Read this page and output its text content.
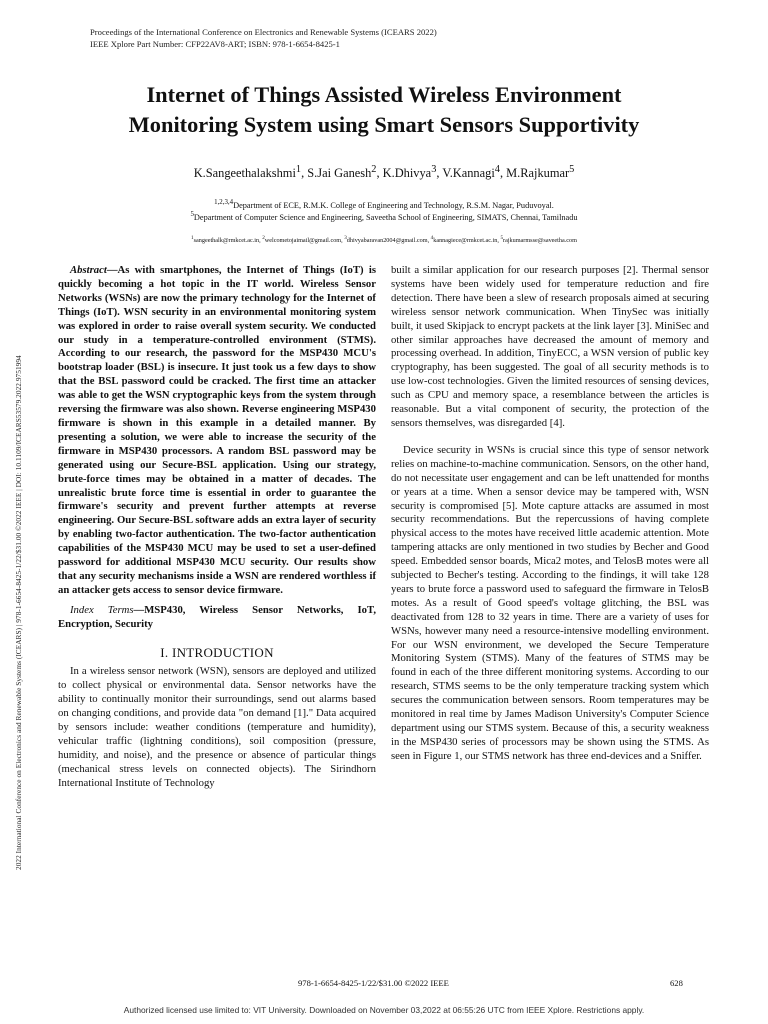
Proceedings of the International Conference on Electronics and Renewable Systems (ICEARS 2022)
IEEE Xplore Part Number: CFP22AV8-ART; ISBN: 978-1-6654-8425-1
2022 International Conference on Electronics and Renewable Systems (ICEARS) | 978-1-6654-8425-1/22/$31.00 ©2022 IEEE | DOI: 10.1109/ICEARS53579.2022.9751994
Internet of Things Assisted Wireless Environment
Monitoring System using Smart Sensors Supportivity
K.Sangeethalakshmi$^1$, S.Jai Ganesh$^2$, K.Dhivya$^3$, V.Kannagi$^4$, M.Rajkumar$^5$
$^{1,2,3,4}$Department of ECE, R.M.K. College of Engineering and Technology, R.S.M. Nagar, Puduvoyal.
$^5$Department of Computer Science and Engineering, Saveetha School of Engineering, SIMATS, Chennai, Tamilnadu
$^1$sangeethalk@rmkcet.ac.in, $^2$welcometojaimail@gmail.com, $^3$dhivyabaravan2004@gmail.com, $^4$kannagiece@rmkcet.ac.in, $^5$rajkumarmsse@saveetha.com

Abstract—As with smartphones, the Internet of Things (IoT) is quickly becoming a hot topic in the IT world. Wireless Sensor Networks (WSNs) are now the primary technology for the Internet of Things (IoT). WSN security in an environmental monitoring system was explored in order to raise overall system security. We conducted our study in a temperature-controlled environment (STMS). According to our research, the password for the MSP430 MCU's bootstrap loader (BSL) is insecure. It just took us a few days to show that the BSL password could be cracked. The first time an attacker was able to get the WSN cryptographic keys from the system through reversing the firmware was also shown. Reverse engineering MSP430 firmware is shown in this example in a detailed manner. By presenting a solution, we were able to increase the security of the firmware in MSP430 processors. A random BSL password may be generated using our Secure-BSL application. Using our strategy, brute-force times may be obtained in a matter of decades. The unrealistic brute force time is essential in order to guarantee the firmware's security and prevent further attempts at reverse engineering. Our Secure-BSL software adds an extra layer of security by enabling two-factor authentication. The two-factor authentication capabilities of the MSP430 MCU may be used to set a user-defined password for additional MSP430 MCU security. Our results show that any security mechanisms inside a WSN are rendered worthless if an attacker gets access to sensor device firmware.

Index Terms—MSP430, Wireless Sensor Networks, IoT, Encryption, Security

I. INTRODUCTION

In a wireless sensor network (WSN), sensors are deployed and utilized to collect physical or environmental data. Sensor networks have the ability to continually monitor their surroundings, send out alarms based on changing conditions, and provide data "on demand [1]." Data acquired by sensors include: weather conditions (temperature and humidity), vehicular traffic (lightning conditions), soil composition (pressure, humidity, and noise), and the presence or absence of particular things (mechanical stress levels on connected objects). The Sirindhorn International Institute of Technology

built a similar application for our research purposes [2]. Thermal sensor systems have been widely used for temperature reduction and fire detection. There have been a slew of research proposals aimed at securing wireless sensor network communication. When TinySec was initially built, it used Skipjack to encrypt packets at the link layer [3]. MiniSec and other similar approaches have decreased the amount of memory and processing overhead. In addition, TinyECC, a WSN version of public key cryptography, has been suggested. The goal of all security methods is to use low-cost technologies. Given the limited resources of sensing devices, such as CPU and memory space, a resemblance between the articles is reasonable. But a vital component of security, the protection of the sensors themselves, was disregarded [4].

Device security in WSNs is crucial since this type of sensor network relies on machine-to-machine communication. Sensors, on the other hand, do not necessitate user engagement and can be left unattended for months or years at a time. When a sensor device may be tampered with, WSN security is compromised [5]. Mote capture attacks are assumed in most security recommendations. But the repercussions of having complete physical access to the motes have received little academic attention. Mote tampering attacks are only mentioned in two studies by Becher and Good speed. Embedded sensor boards, Mica2 motes, and TelosB motes were all subjected to Becher's testing. According to the findings, it will take 128 years to brute force a password used to safeguard the firmware in TelosB motes. As a result of Good speed's voltage glitching, the BSL was deactivated from 128 to 32 years in time. There are a variety of uses for WSNs, however many need a resource-intensive modelling environment. For our WSN environment, we developed the Secure Temperature Monitoring System (STMS). Many of the features of STMS may be found in each of the three different monitoring systems. According to our research, STMS seems to be the only temperature tracking system which secures the communication between sensors. Room temperatures may be monitored in real time by James Madison University's Computer Science department using our STMS system. Because of this, a security weakness in the MSP430 series of processors may be shown using the STMS. As seen in Figure 1, our STMS network has three end-devices and a Sniffer.

978-1-6654-8425-1/22/$31.00 ©2022 IEEE	628
Authorized licensed use limited to: VIT University. Downloaded on November 03,2022 at 06:55:26 UTC from IEEE Xplore. Restrictions apply.
